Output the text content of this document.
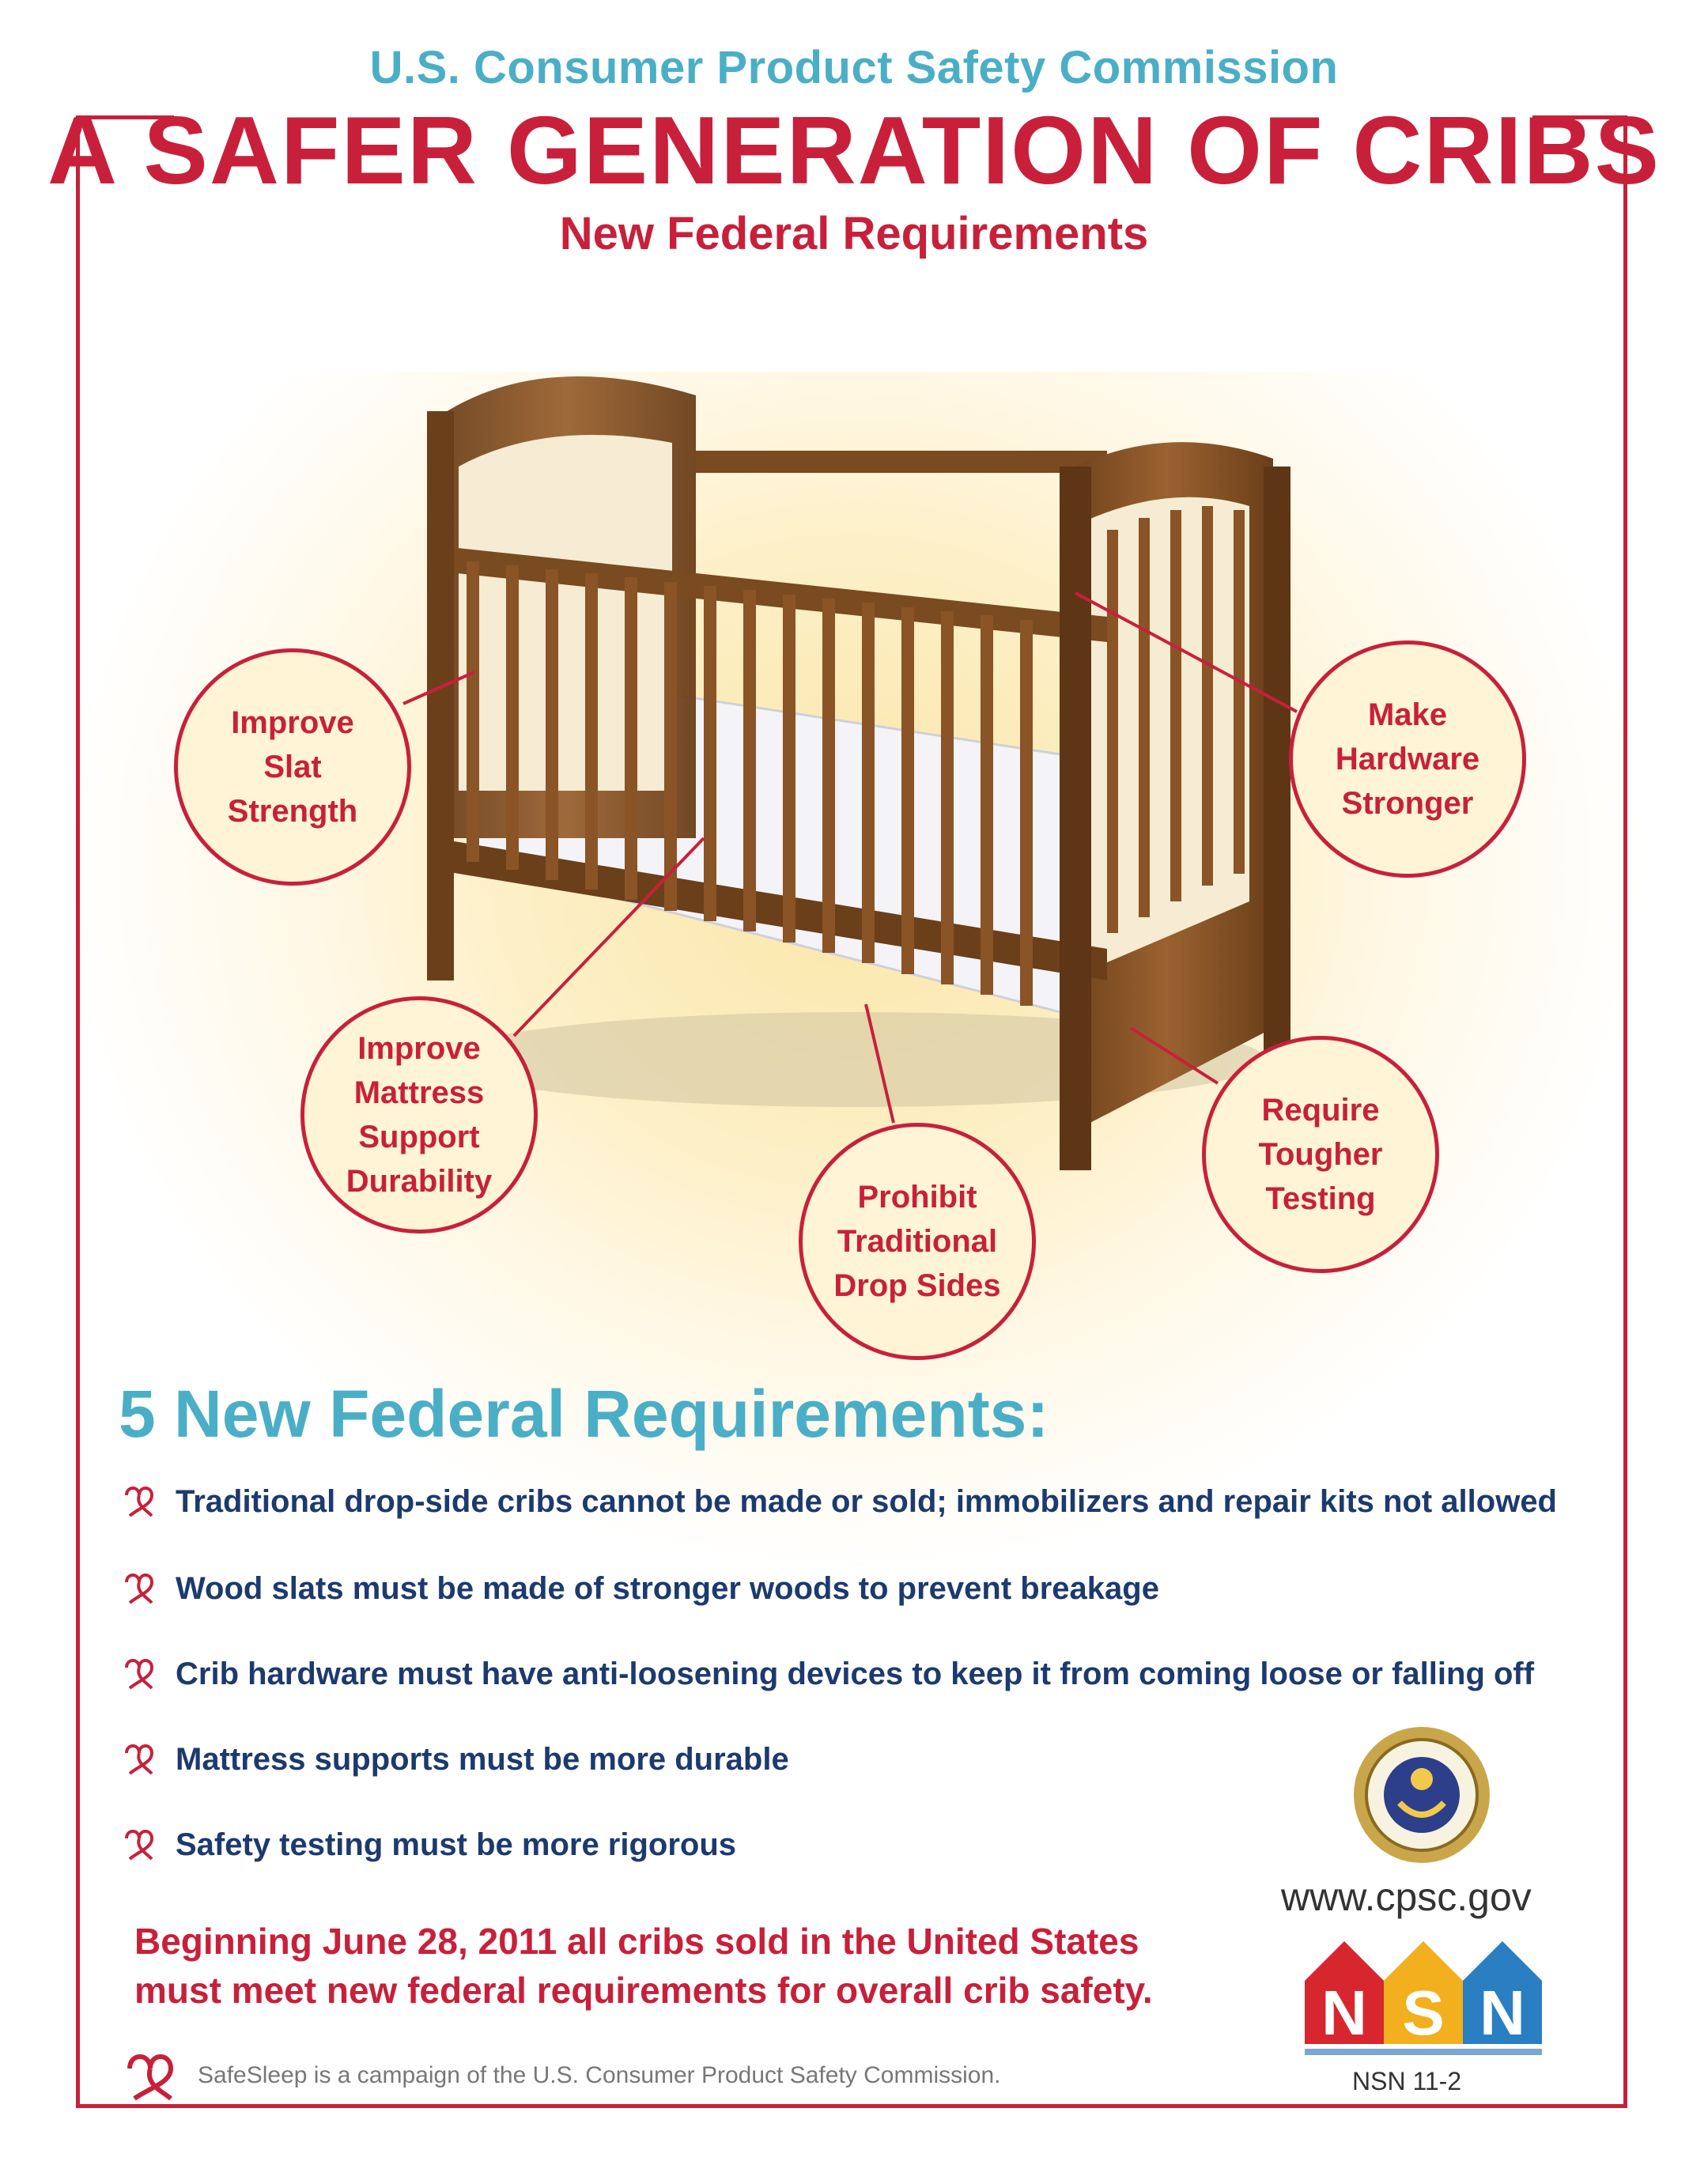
U.S. Consumer Product Safety Commission
A SAFER GENERATION OF CRIBS
New Federal Requirements
Improve
Slat
Strength
Make
Hardware
Stronger
Improve
Mattress
Support
Durability	Prohibit
Traditional
Drop Sides
Require
Tougher
Testing
5 New Federal Requirements:
Traditional drop-side cribs cannot be made or sold; immobilizers and repair kits not allowed
Wood slats must be made of stronger woods to prevent breakage
Crib hardware must have anti-loosening devices to keep it from coming loose or falling off
Mattress supports must be more durable
Safety testing must be more rigorous
Beginning June 28, 2011 all cribs sold in the United States
must meet new federal requirements for overall crib safety.
SafeSleep is a campaign of the U.S. Consumer Product Safety Commission.
www.cpsc.gov
N S N
NSN 11-2
